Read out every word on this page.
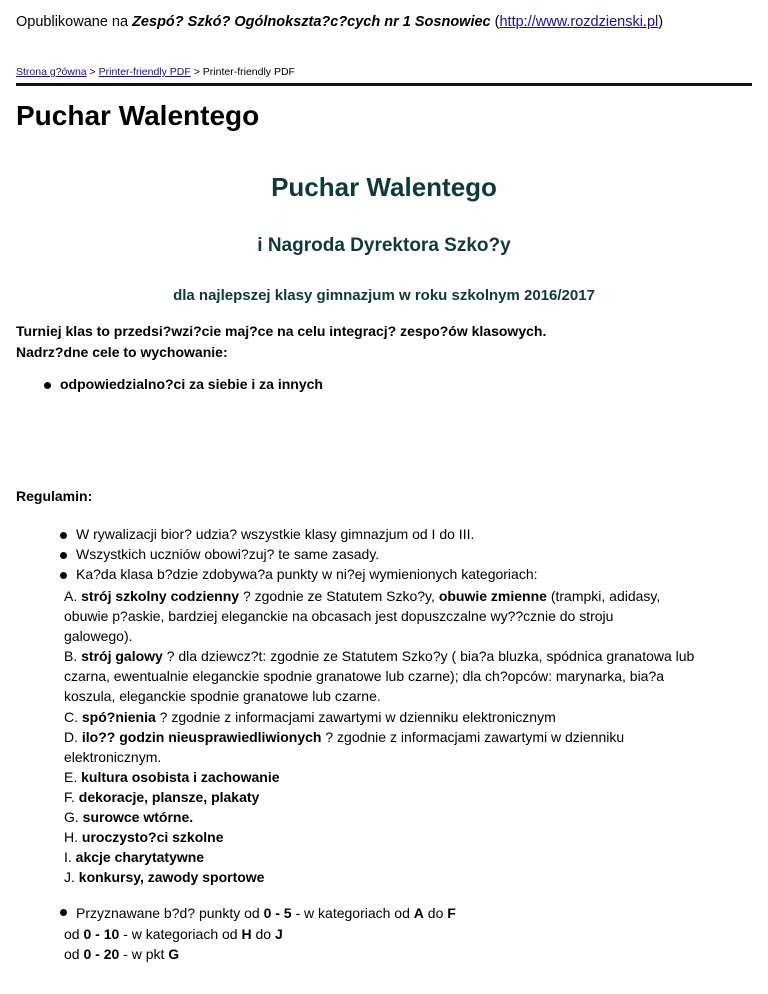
Opublikowane na Zespó? Szkó? Ogólnokszta?c?cych nr 1 Sosnowiec (http://www.rozdzienski.pl)
Strona g?ówna > Printer-friendly PDF > Printer-friendly PDF
Puchar Walentego
Puchar Walentego
i Nagroda Dyrektora Szko?y
dla najlepszej klasy gimnazjum w roku szkolnym 2016/2017
Turniej klas to przedsi?wzi?cie maj?ce na celu integracj? zespo?ów klasowych.
Nadrz?dne cele to wychowanie:
odpowiedzialno?ci za siebie i za innych
Regulamin:
W rywalizacji bior? udzia? wszystkie klasy gimnazjum od I do III.
Wszystkich uczniów obowi?zuj? te same zasady.
Ka?da klasa b?dzie zdobywa?a punkty w ni?ej wymienionych kategoriach:
A. strój szkolny codzienny ? zgodnie ze Statutem Szko?y, obuwie zmienne (trampki, adidasy,
obuwie p?askie, bardziej eleganckie na obcasach jest dopuszczalne wy??cznie do stroju
galowego).
B. strój galowy ? dla dziewcz?t: zgodnie ze Statutem Szko?y ( bia?a bluzka, spódnica granatowa lub
czarna, ewentualnie eleganckie spodnie granatowe lub czarne); dla ch?opców: marynarka, bia?a
koszula, eleganckie spodnie granatowe lub czarne.
C. spó?nienia ? zgodnie z informacjami zawartymi w dzienniku elektronicznym
D. ilo?? godzin nieusprawiedliwionych ? zgodnie z informacjami zawartymi w dzienniku
elektronicznym.
E. kultura osobista i zachowanie
F. dekoracje, plansze, plakaty
G. surowce wtórne.
H. uroczysto?ci szkolne
I. akcje charytatywne
J. konkursy, zawody sportowe
Przyznawane b?d? punkty od 0 - 5 - w kategoriach od A do F
od 0 - 10 - w kategoriach od H do J
od 0 - 20 - w pkt G
